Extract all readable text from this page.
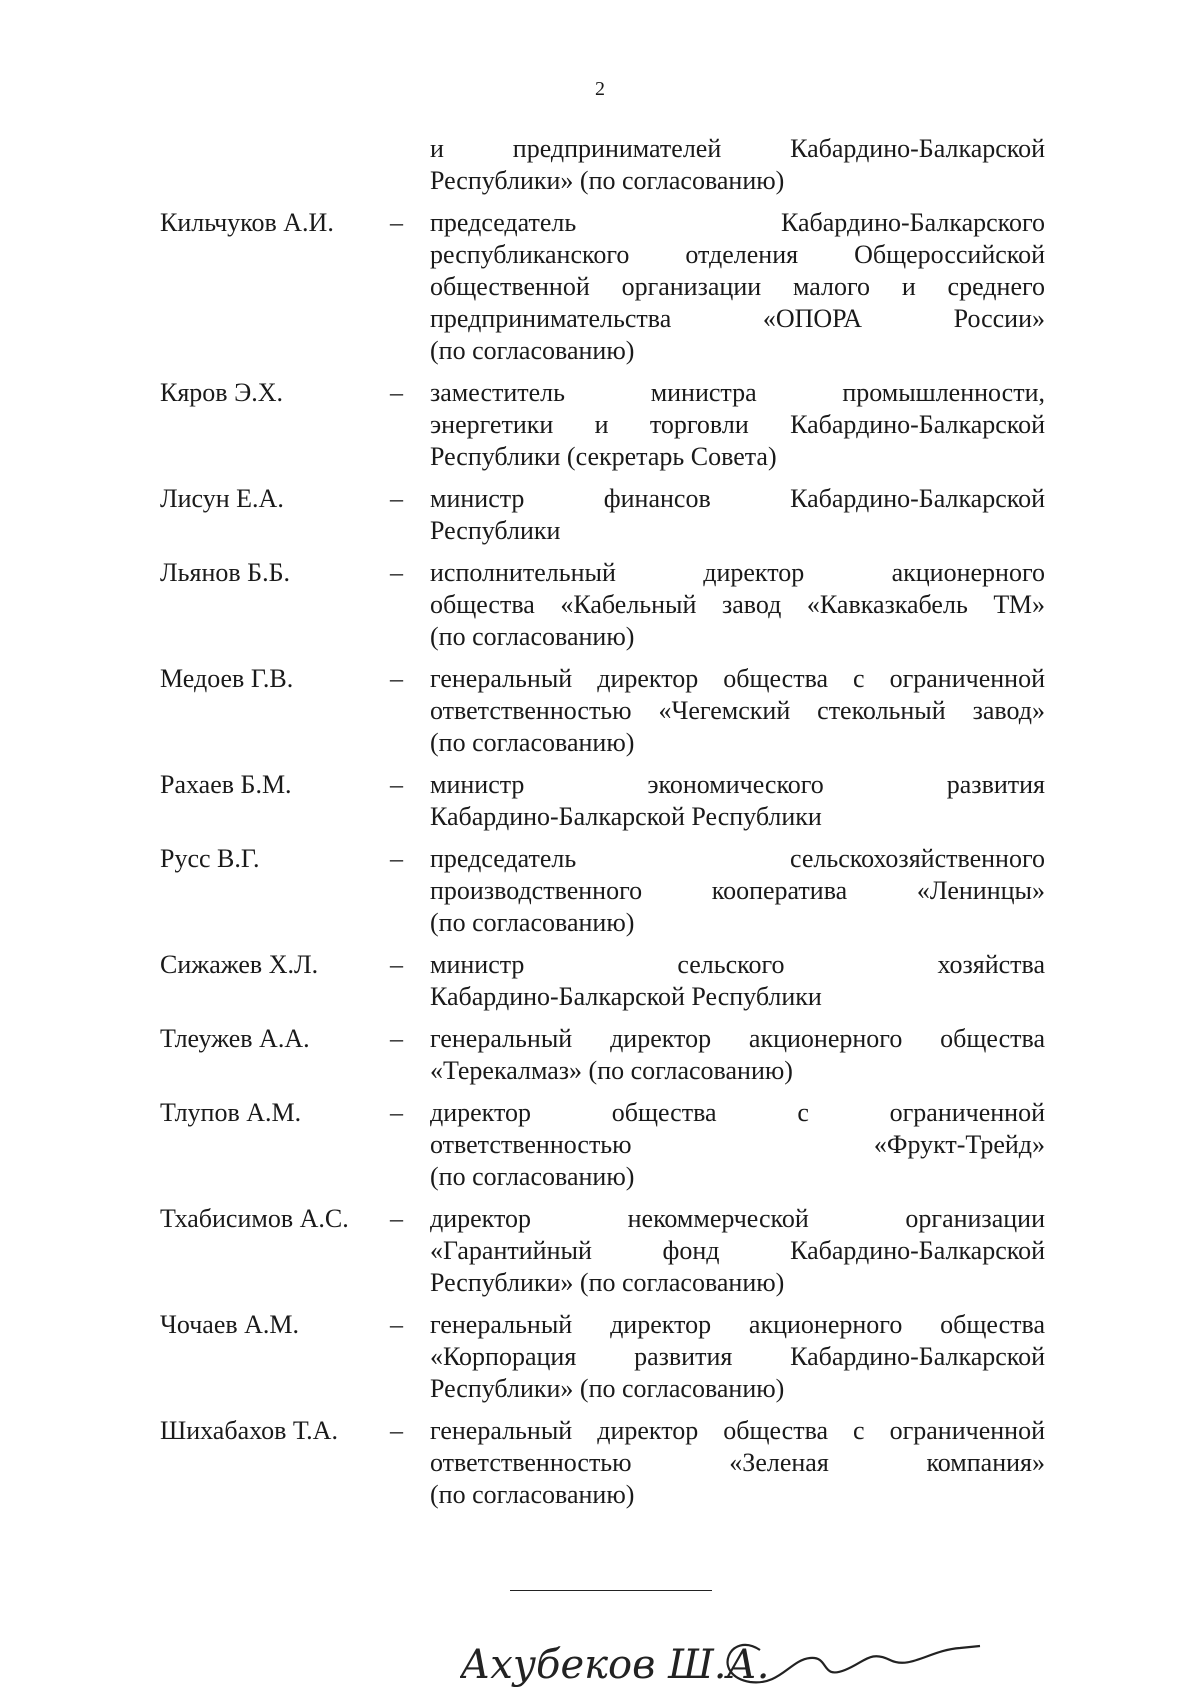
2
и предпринимателей Кабардино-Балкарской
Республики» (по согласованию)
Кильчуков А.И.	–	председатель Кабардино-Балкарского
республиканского отделения Общероссийской
общественной организации малого и среднего
предпринимательства «ОПОРА России»
(по согласованию)
Кяров Э.Х.	–	заместитель министра промышленности,
энергетики и торговли Кабардино-Балкарской
Республики (секретарь Совета)
Лисун Е.А.	–	министр финансов Кабардино-Балкарской
Республики
Льянов Б.Б.	–	исполнительный директор акционерного
общества «Кабельный завод «Кавказкабель ТМ»
(по согласованию)
Медоев Г.В.	–	генеральный директор общества с ограниченной
ответственностью «Чегемский стекольный завод»
(по согласованию)
Рахаев Б.М.	–	министр экономического развития
Кабардино-Балкарской Республики
Русс В.Г.	–	председатель сельскохозяйственного
производственного кооператива «Ленинцы»
(по согласованию)
Сижажев Х.Л.	–	министр сельского хозяйства
Кабардино-Балкарской Республики
Тлеужев А.А.	–	генеральный директор акционерного общества
«Терекалмаз» (по согласованию)
Тлупов А.М.	–	директор общества с ограниченной
ответственностью «Фрукт-Трейд»
(по согласованию)
Тхабисимов А.С.	–	директор некоммерческой организации
«Гарантийный фонд Кабардино-Балкарской
Республики» (по согласованию)
Чочаев А.М.	–	генеральный директор акционерного общества
«Корпорация развития Кабардино-Балкарской
Республики» (по согласованию)
Шихабахов Т.А.	–	генеральный директор общества с ограниченной
ответственностью «Зеленая компания»
(по согласованию)
Ахубеков Ш.А.
